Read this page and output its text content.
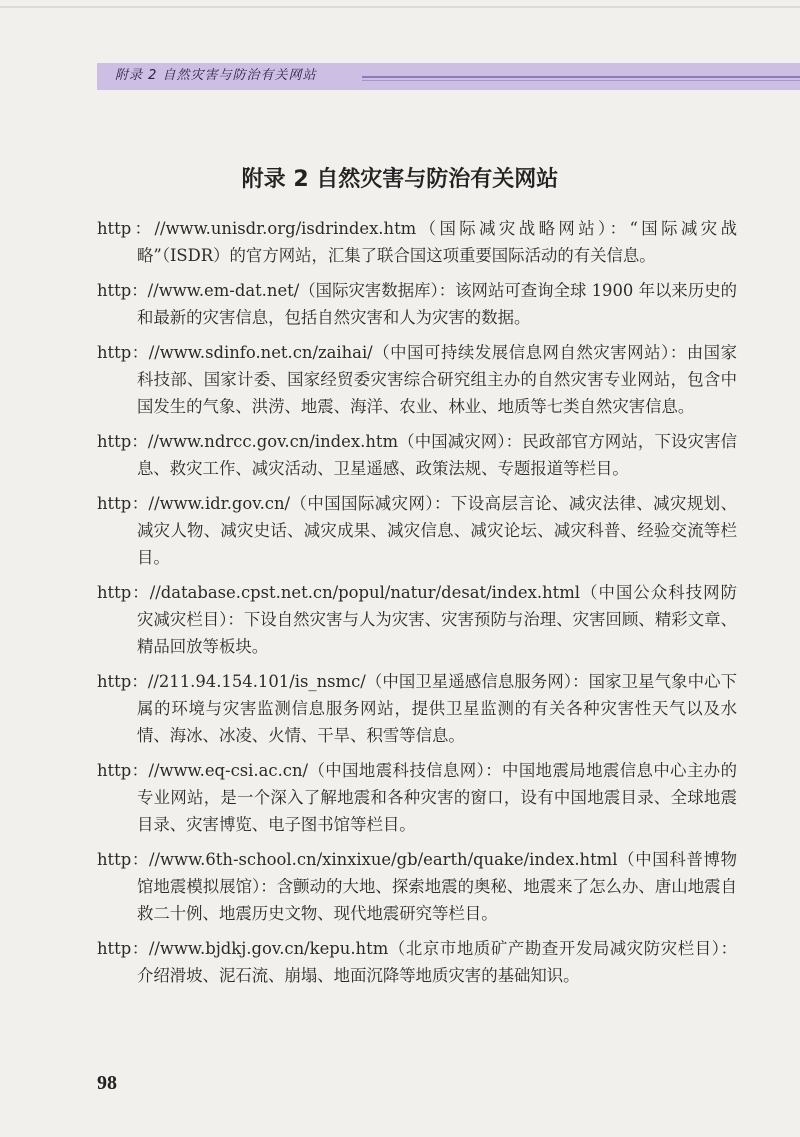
附录 2 自然灾害与防治有关网站
附录 2 自然灾害与防治有关网站

http：//www.unisdr.org/isdrindex.htm（国际减灾战略网站）：“国际减灾战略”（ISDR）的官方网站，汇集了联合国这项重要国际活动的有关信息。

http：//www.em-dat.net/（国际灾害数据库）：该网站可查询全球 1900 年以来历史的和最新的灾害信息，包括自然灾害和人为灾害的数据。

http：//www.sdinfo.net.cn/zaihai/（中国可持续发展信息网自然灾害网站）：由国家科技部、国家计委、国家经贸委灾害综合研究组主办的自然灾害专业网站，包含中国发生的气象、洪涝、地震、海洋、农业、林业、地质等七类自然灾害信息。

http：//www.ndrcc.gov.cn/index.htm（中国减灾网）：民政部官方网站，下设灾害信息、救灾工作、减灾活动、卫星遥感、政策法规、专题报道等栏目。

http：//www.idr.gov.cn/（中国国际减灾网）：下设高层言论、减灾法律、减灾规划、减灾人物、减灾史话、减灾成果、减灾信息、减灾论坛、减灾科普、经验交流等栏目。

http：//database.cpst.net.cn/popul/natur/desat/index.html（中国公众科技网防灾减灾栏目）：下设自然灾害与人为灾害、灾害预防与治理、灾害回顾、精彩文章、精品回放等板块。

http：//211.94.154.101/is_nsmc/（中国卫星遥感信息服务网）：国家卫星气象中心下属的环境与灾害监测信息服务网站，提供卫星监测的有关各种灾害性天气以及水情、海冰、冰凌、火情、干旱、积雪等信息。

http：//www.eq-csi.ac.cn/（中国地震科技信息网）：中国地震局地震信息中心主办的专业网站，是一个深入了解地震和各种灾害的窗口，设有中国地震目录、全球地震目录、灾害博览、电子图书馆等栏目。

http：//www.6th-school.cn/xinxixue/gb/earth/quake/index.html（中国科普博物馆地震模拟展馆）：含颤动的大地、探索地震的奥秘、地震来了怎么办、唐山地震自救二十例、地震历史文物、现代地震研究等栏目。

http：//www.bjdkj.gov.cn/kepu.htm（北京市地质矿产勘查开发局减灾防灾栏目）：介绍滑坡、泥石流、崩塌、地面沉降等地质灾害的基础知识。

98
